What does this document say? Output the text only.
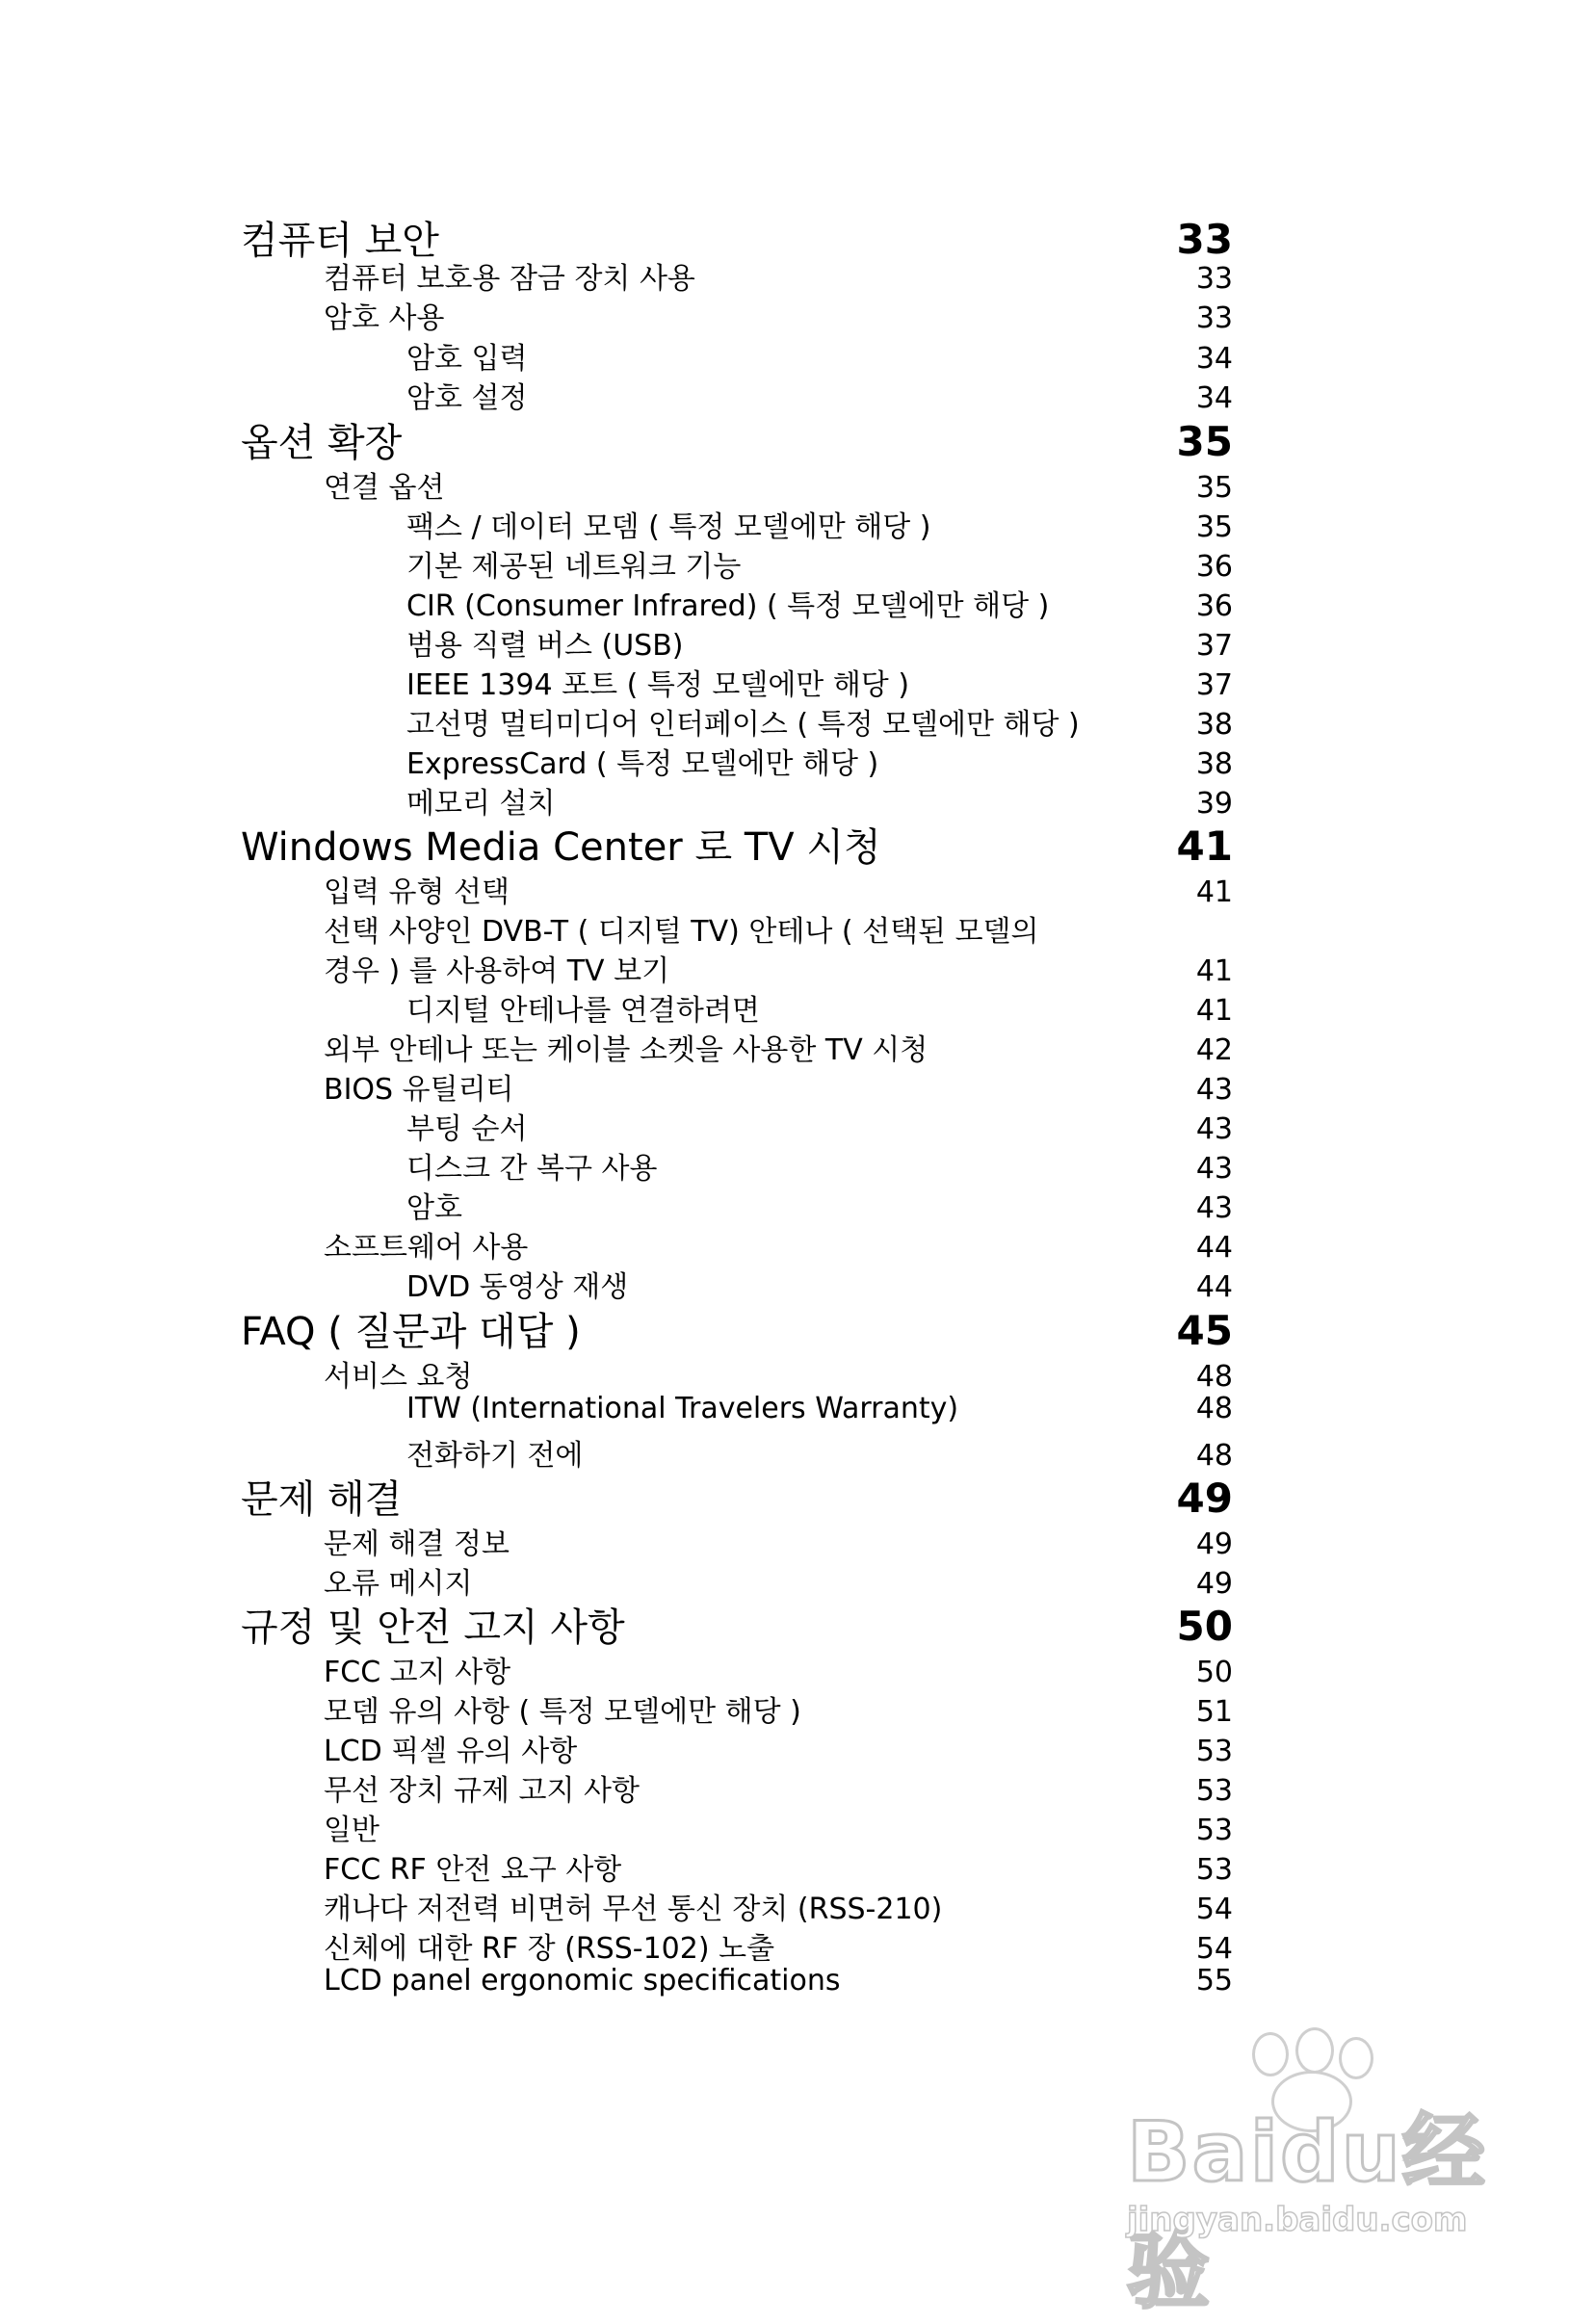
컴퓨터 보안	33
컴퓨터 보호용 잠금 장치 사용	33
암호 사용	33
암호 입력	34
암호 설정	34
옵션 확장	35
연결 옵션	35
팩스 / 데이터 모뎀 ( 특정 모델에만 해당 )	35
기본 제공된 네트워크 기능	36
CIR (Consumer Infrared) ( 특정 모델에만 해당 )	36
범용 직렬 버스 (USB)	37
IEEE 1394 포트 ( 특정 모델에만 해당 )	37
고선명 멀티미디어 인터페이스 ( 특정 모델에만 해당 )	38
ExpressCard ( 특정 모델에만 해당 )	38
메모리 설치	39
Windows Media Center 로 TV 시청	41
입력 유형 선택	41
선택 사양인 DVB-T ( 디지털 TV) 안테나 ( 선택된 모델의
경우 ) 를 사용하여 TV 보기	41
디지털 안테나를 연결하려면	41
외부 안테나 또는 케이블 소켓을 사용한 TV 시청	42
BIOS 유틸리티	43
부팅 순서	43
디스크 간 복구 사용	43
암호	43
소프트웨어 사용	44
DVD 동영상 재생	44
FAQ ( 질문과 대답 )	45
서비스 요청	48
ITW (International Travelers Warranty)	48
전화하기 전에	48
문제 해결	49
문제 해결 정보	49
오류 메시지	49
규정 및 안전 고지 사항	50
FCC 고지 사항	50
모뎀 유의 사항 ( 특정 모델에만 해당 )	51
LCD 픽셀 유의 사항	53
무선 장치 규제 고지 사항	53
일반	53
FCC RF 안전 요구 사항	53
캐나다 저전력 비면허 무선 통신 장치 (RSS-210)	54
신체에 대한 RF 장 (RSS-102) 노출	54
LCD panel ergonomic specifications	55
Baidu经验
jingyan.baidu.com
